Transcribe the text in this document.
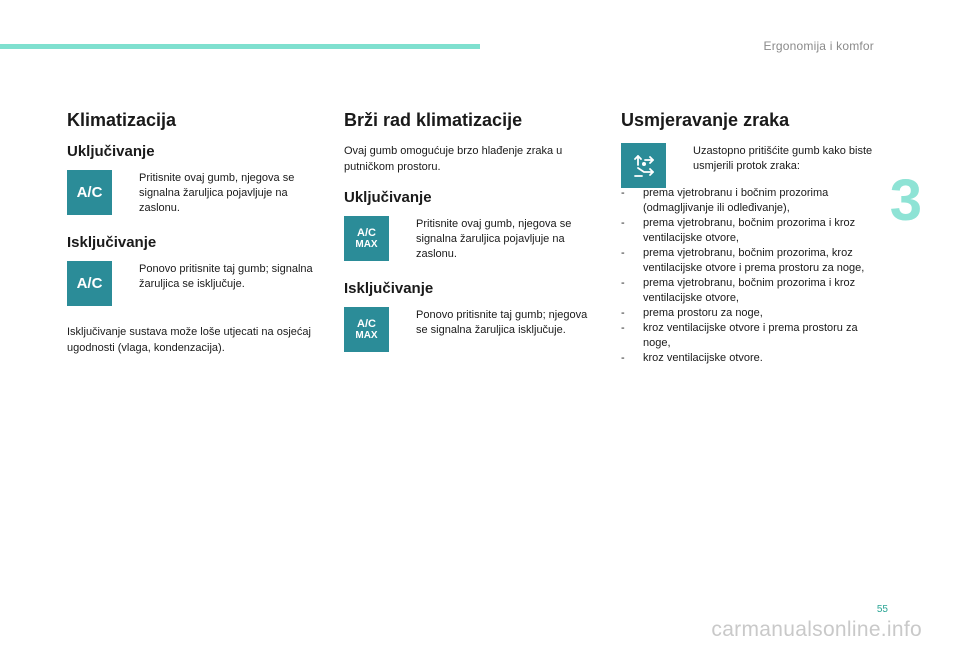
Ergonomija i komfor
3
Klimatizacija
Uključivanje
A/C
Pritisnite ovaj gumb, njegova se signalna žaruljica pojavljuje na zaslonu.
Isključivanje
A/C
Ponovo pritisnite taj gumb; signalna žaruljica se isključuje.

Isključivanje sustava može loše utjecati na osjećaj ugodnosti (vlaga, kondenzacija).

Brži rad klimatizacije

Ovaj gumb omogućuje brzo hlađenje zraka u putničkom prostoru.

Uključivanje
A/C
MAX
Pritisnite ovaj gumb, njegova se signalna žaruljica pojavljuje na zaslonu.
Isključivanje
A/C
MAX
Ponovo pritisnite taj gumb; njegova se signalna žaruljica isključuje.
Usmjeravanje zraka
Uzastopno pritišćite gumb kako biste usmjerili protok zraka:
-	prema vjetrobranu i bočnim prozorima (odmagljivanje ili odleđivanje),
-	prema vjetrobranu, bočnim prozorima i kroz ventilacijske otvore,
-	prema vjetrobranu, bočnim prozorima, kroz ventilacijske otvore i prema prostoru za noge,
-	prema vjetrobranu, bočnim prozorima i kroz ventilacijske otvore,
-	prema prostoru za noge,
-	kroz ventilacijske otvore i prema prostoru za noge,
-	kroz ventilacijske otvore.
55
carmanualsonline.info
